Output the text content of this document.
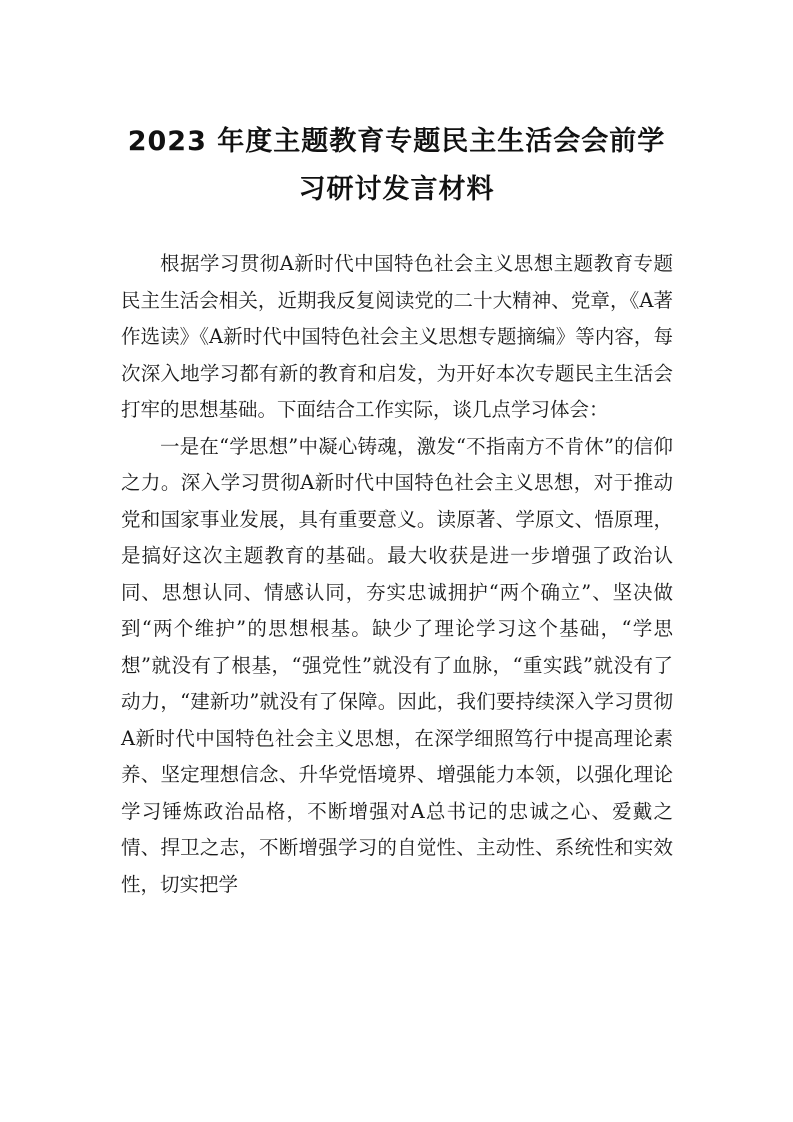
2023 年度主题教育专题民主生活会会前学
习研讨发言材料

根据学习贯彻A新时代中国特色社会主义思想主题教育专题民主生活会相关，近期我反复阅读党的二十大精神、党章，《A著作选读》《A新时代中国特色社会主义思想专题摘编》等内容，每次深入地学习都有新的教育和启发，为开好本次专题民主生活会打牢的思想基础。下面结合工作实际，谈几点学习体会：

一是在“学思想”中凝心铸魂，激发“不指南方不肯休”的信仰之力。深入学习贯彻A新时代中国特色社会主义思想，对于推动党和国家事业发展，具有重要意义。读原著、学原文、悟原理，是搞好这次主题教育的基础。最大收获是进一步增强了政治认同、思想认同、情感认同，夯实忠诚拥护“两个确立”、坚决做到“两个维护”的思想根基。缺少了理论学习这个基础，“学思想”就没有了根基，“强党性”就没有了血脉，“重实践”就没有了动力，“建新功”就没有了保障。因此，我们要持续深入学习贯彻A新时代中国特色社会主义思想，在深学细照笃行中提高理论素养、坚定理想信念、升华党悟境界、增强能力本领，以强化理论学习锤炼政治品格，不断增强对A总书记的忠诚之心、爱戴之情、捍卫之志，不断增强学习的自觉性、主动性、系统性和实效性，切实把学
